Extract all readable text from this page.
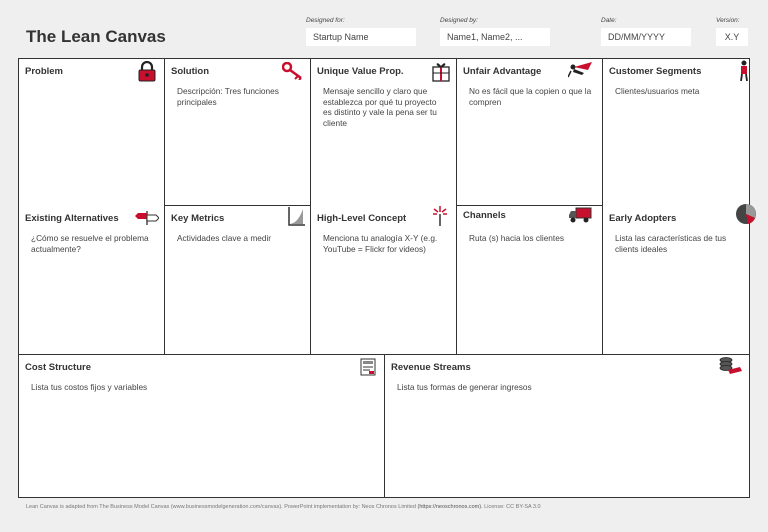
The Lean Canvas
Designed for:
Startup Name
Designed by:
Name1, Name2, ...
Date:
DD/MM/YYYY
Version:
X.Y
Problem
Existing Alternatives
¿Cómo se resuelve el problema actualmente?
Solution
Descripción: Tres funciones principales
Key Metrics
Actividades clave a medir
Unique Value Prop.
Mensaje sencillo y claro que establezca por qué tu proyecto es distinto y vale la pena ser tu cliente
High-Level Concept
Menciona tu analogía X-Y (e.g. YouTube = Flickr for videos)
Unfair Advantage
No es fácil que la copien o que la compren
Channels
Ruta (s) hacia los clientes
Customer Segments
Clientes/usuarios meta
Early Adopters
Lista las características de tus clients ideales
Cost Structure
Lista tus costos fijos y variables
Revenue Streams
Lista tus formas de generar ingresos
Lean Canvas is adapted from The Business Model Canvas (www.businessmodelgeneration.com/canvas). PowerPoint implementation by: Neos Chronos Limited (https://neoschronos.com). License: CC BY-SA 3.0
